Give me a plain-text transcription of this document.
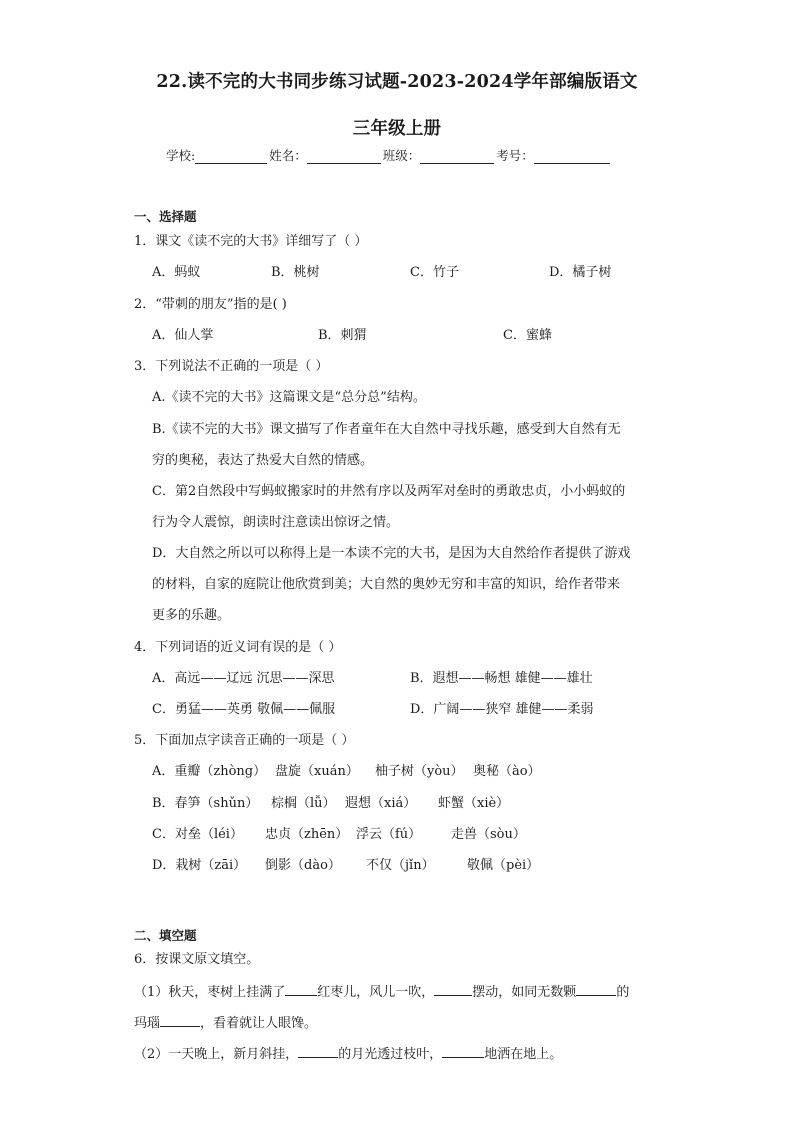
22.读不完的大书同步练习试题-2023-2024学年部编版语文
三年级上册
学校:	姓名：	班级：	考号：
一、选择题
1．课文《读不完的大书》详细写了（ ）
A．蚂蚁	B．桃树	C．竹子	D．橘子树
2．“带刺的朋友”指的是( )
A．仙人掌	B．刺猬	C．蜜蜂
3．下列说法不正确的一项是（ ）
A.《读不完的大书》这篇课文是“总分总”结构。
B.《读不完的大书》课文描写了作者童年在大自然中寻找乐趣，感受到大自然有无
穷的奥秘，表达了热爱大自然的情感。
C．第2自然段中写蚂蚁搬家时的井然有序以及两军对垒时的勇敢忠贞，小小蚂蚁的
行为令人震惊，朗读时注意读出惊讶之情。
D．大自然之所以可以称得上是一本读不完的大书，是因为大自然给作者提供了游戏
的材料，自家的庭院让他欣赏到美；大自然的奥妙无穷和丰富的知识，给作者带来
更多的乐趣。
4．下列词语的近义词有误的是（ ）
A．高远——辽远 沉思——深思	B．遐想——畅想 雄健——雄壮
C．勇猛——英勇 敬佩——佩服	D．广阔——狭窄 雄健——柔弱
5．下面加点字读音正确的一项是（ ）
A．重瓣（zhòng） 盘旋（xuán） 柚子树（yòu） 奥秘（ào）
B．春笋（shǔn） 棕榈（lǚ） 遐想（xiá） 虾蟹（xiè）
C．对垒（léi） 忠贞（zhēn） 浮云（fú） 走兽（sòu）
D．栽树（zāi） 倒影（dào） 不仅（jǐn） 敬佩（pèi）
二、填空题
6．按课文原文填空。
（1）秋天，枣树上挂满了 红枣儿，风儿一吹，	摆动，如同无数颗	的
玛瑙	，看着就让人眼馋。
（2）一天晚上，新月斜挂，	的月光透过枝叶，	地洒在地上。
